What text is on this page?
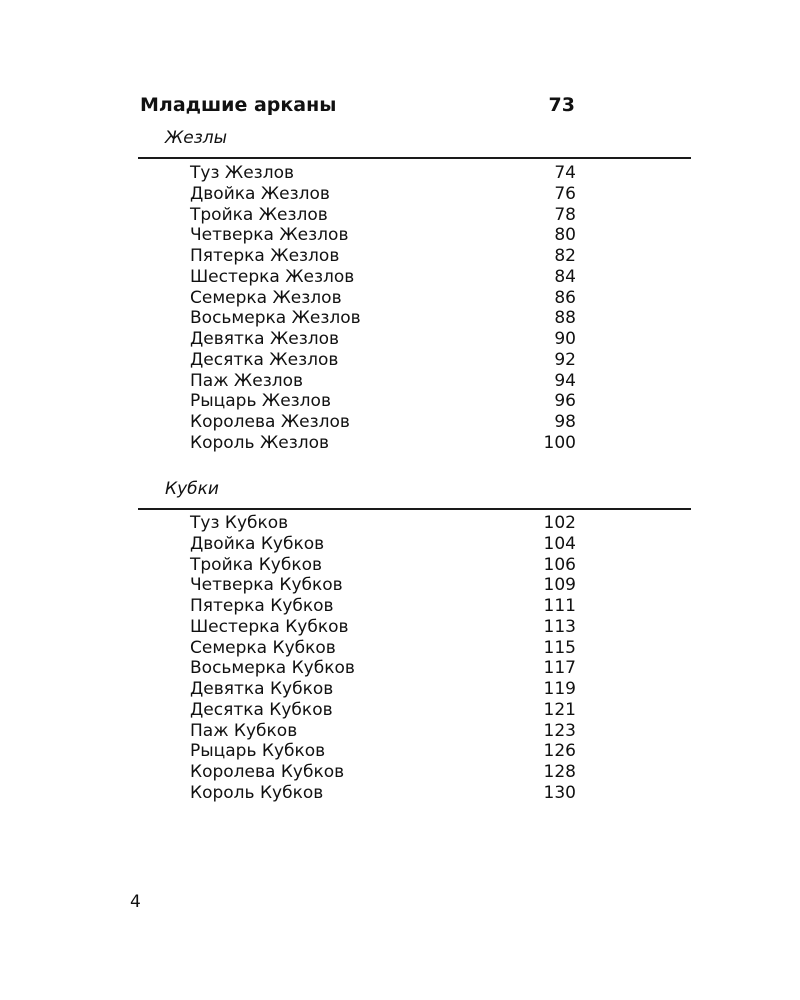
Младшие арканы	73
Жезлы
Туз Жезлов	74
Двойка Жезлов	76
Тройка Жезлов	78
Четверка Жезлов	80
Пятерка Жезлов	82
Шестерка Жезлов	84
Семерка Жезлов	86
Восьмерка Жезлов	88
Девятка Жезлов	90
Десятка Жезлов	92
Паж Жезлов	94
Рыцарь Жезлов	96
Королева Жезлов	98
Король Жезлов	100
Кубки
Туз Кубков	102
Двойка Кубков	104
Тройка Кубков	106
Четверка Кубков	109
Пятерка Кубков	111
Шестерка Кубков	113
Семерка Кубков	115
Восьмерка Кубков	117
Девятка Кубков	119
Десятка Кубков	121
Паж Кубков	123
Рыцарь Кубков	126
Королева Кубков	128
Король Кубков	130
4
